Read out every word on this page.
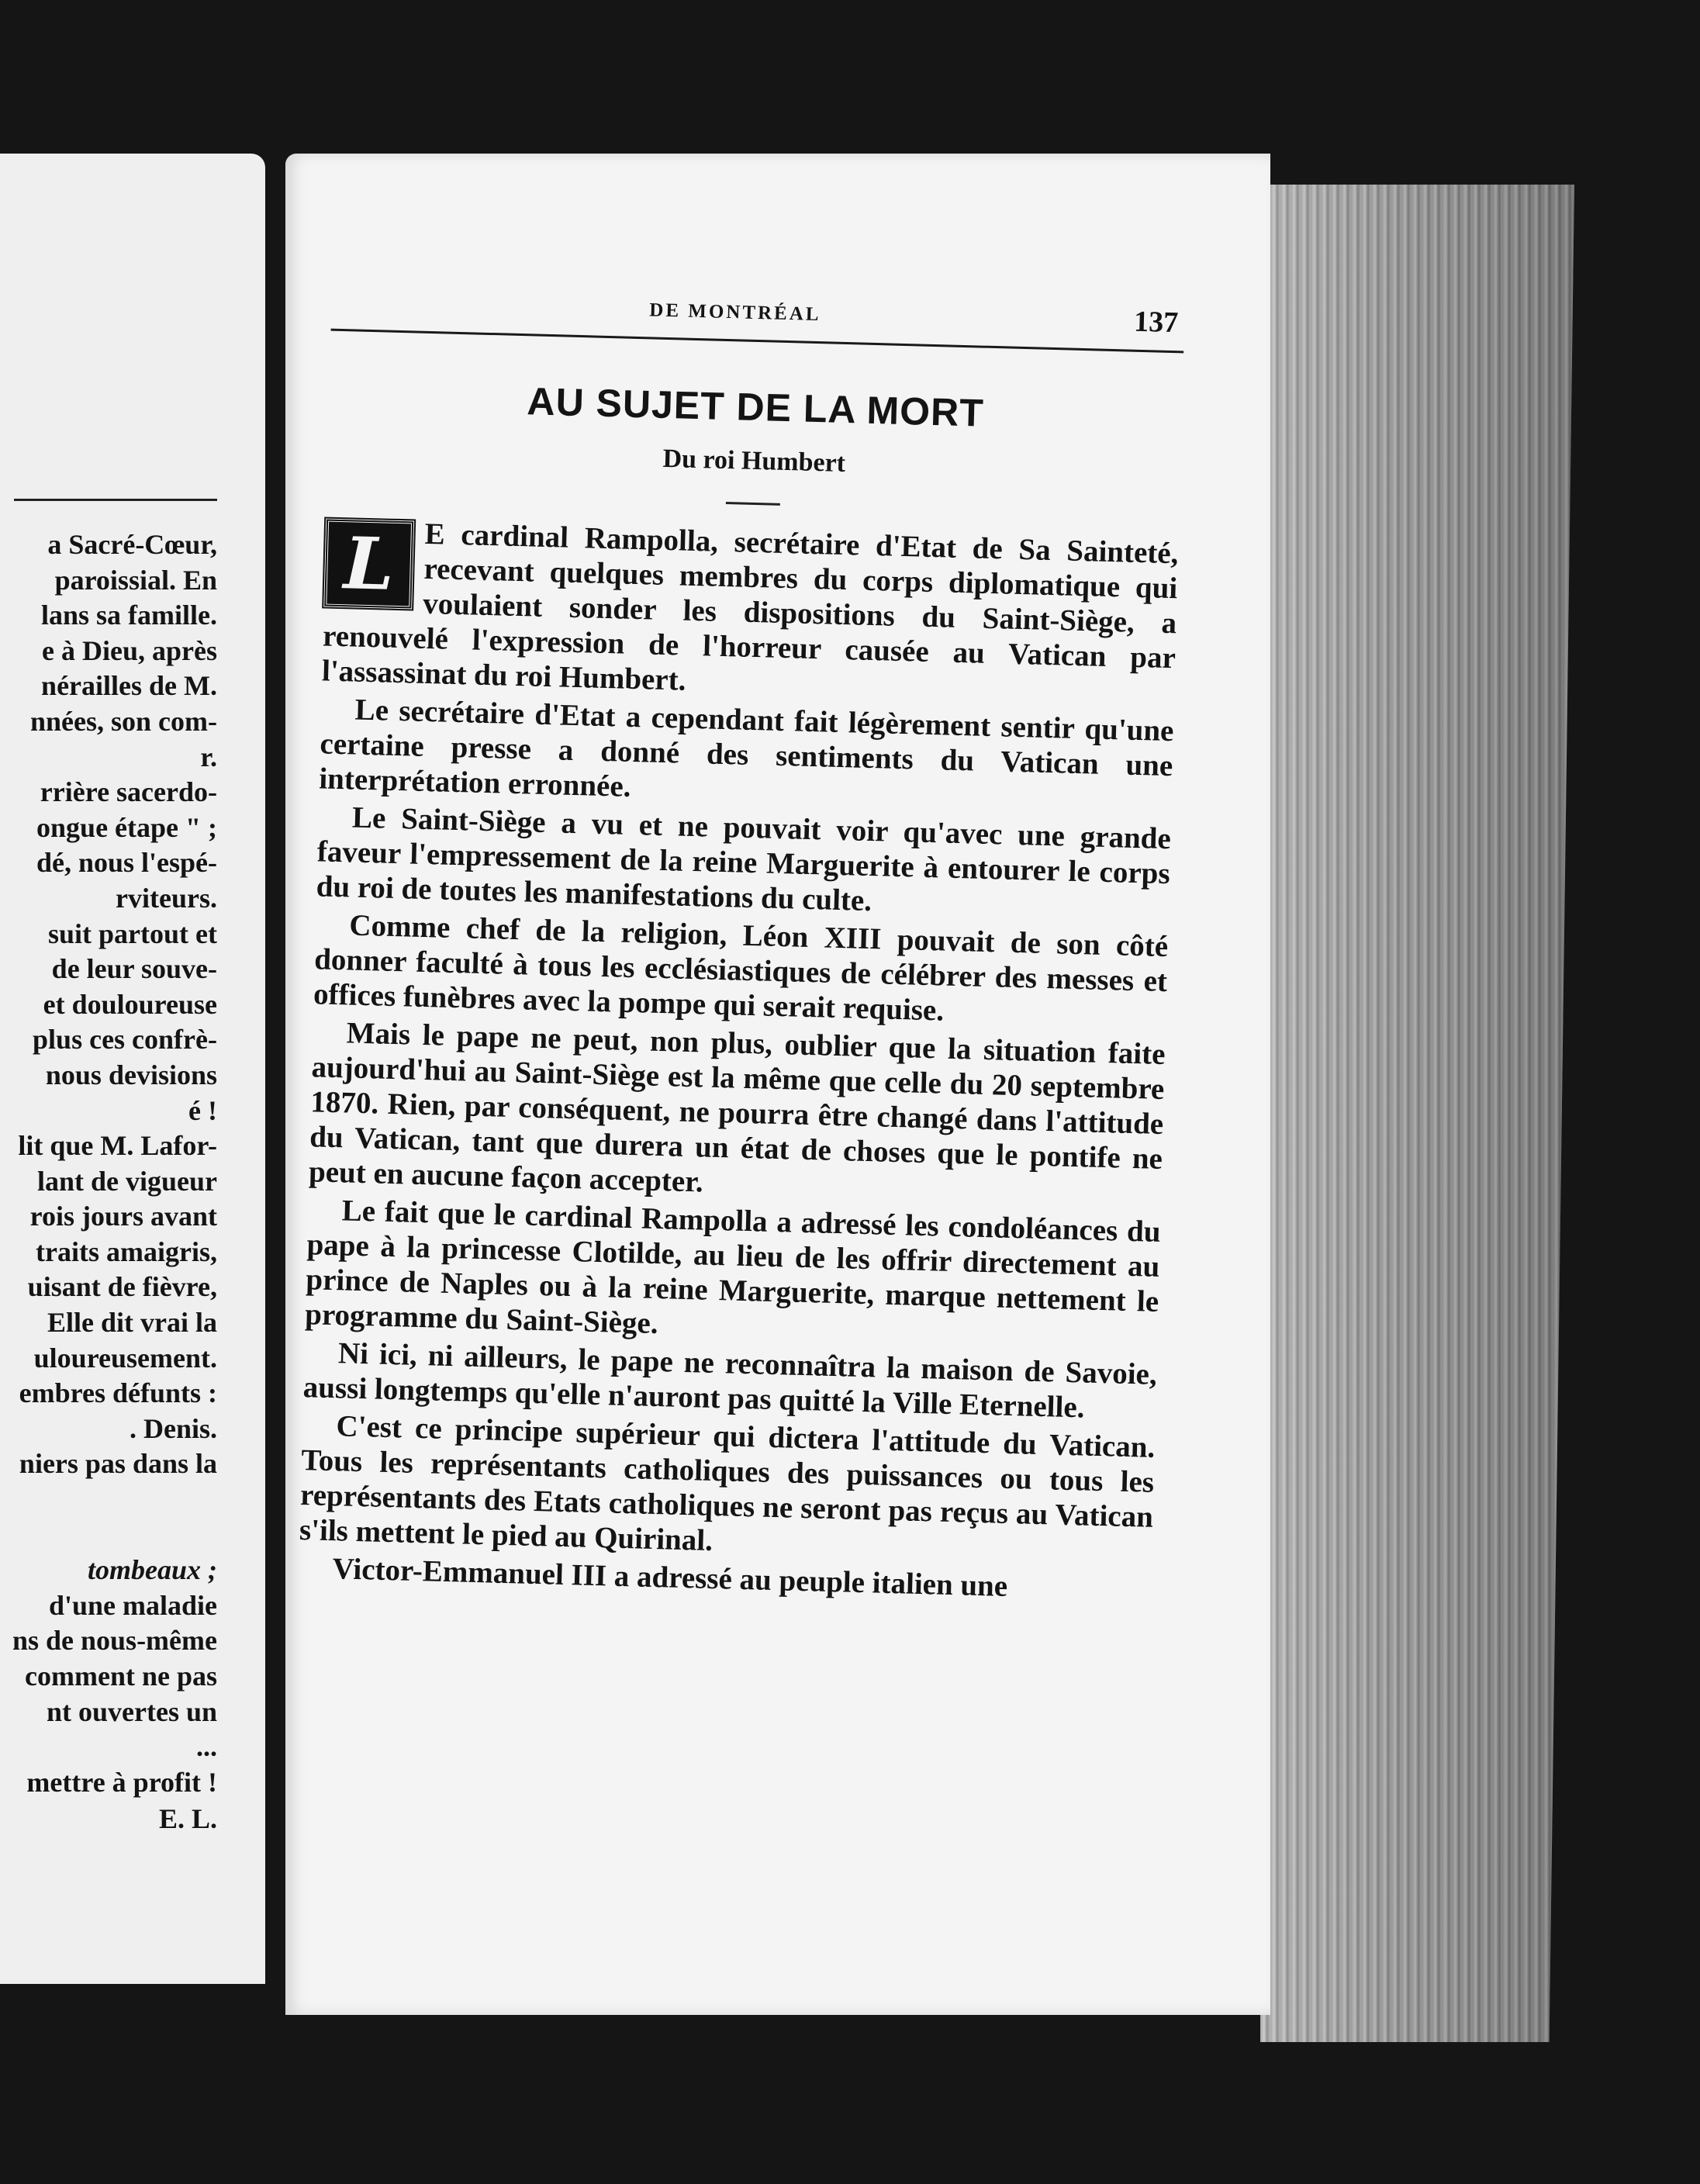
a Sacré-Cœur,
paroissial. En
lans sa famille.
e à Dieu, après
nérailles de M.
nnées, son com-
r.
rrière sacerdo-
ongue étape " ;
dé, nous l'espé-
rviteurs.
suit partout et
de leur souve-
et douloureuse
plus ces confrè-
nous devisions
é !
lit que M. Lafor-
lant de vigueur
rois jours avant
traits amaigris,
uisant de fièvre,
Elle dit vrai la
uloureusement.
embres défunts :
. Denis.
niers pas dans la

tombeaux ;
d'une maladie
ns de nous-même
comment ne pas
nt ouvertes un
...
mettre à profit !
E. L.
DE MONTRÉAL	137
AU SUJET DE LA MORT
Du roi Humbert

L E cardinal Rampolla, secrétaire d'Etat de Sa Sainteté, recevant quelques membres du corps diplomatique qui voulaient sonder les dispositions du Saint-Siège, a renouvelé l'expression de l'horreur causée au Vatican par l'assassinat du roi Humbert.

Le secrétaire d'Etat a cependant fait légèrement sentir qu'une certaine presse a donné des sentiments du Vatican une interprétation erronnée.

Le Saint-Siège a vu et ne pouvait voir qu'avec une grande faveur l'empressement de la reine Marguerite à entourer le corps du roi de toutes les manifestations du culte.

Comme chef de la religion, Léon XIII pouvait de son côté donner faculté à tous les ecclésiastiques de célébrer des messes et offices funèbres avec la pompe qui serait requise.

Mais le pape ne peut, non plus, oublier que la situation faite aujourd'hui au Saint-Siège est la même que celle du 20 septembre 1870. Rien, par conséquent, ne pourra être changé dans l'attitude du Vatican, tant que durera un état de choses que le pontife ne peut en aucune façon accepter.

Le fait que le cardinal Rampolla a adressé les condoléances du pape à la princesse Clotilde, au lieu de les offrir directement au prince de Naples ou à la reine Marguerite, marque nettement le programme du Saint-Siège.

Ni ici, ni ailleurs, le pape ne reconnaîtra la maison de Savoie, aussi longtemps qu'elle n'auront pas quitté la Ville Eternelle.

C'est ce principe supérieur qui dictera l'attitude du Vatican. Tous les représentants catholiques des puissances ou tous les représentants des Etats catholiques ne seront pas reçus au Vatican s'ils mettent le pied au Quirinal.

Victor-Emmanuel III a adressé au peuple italien une
